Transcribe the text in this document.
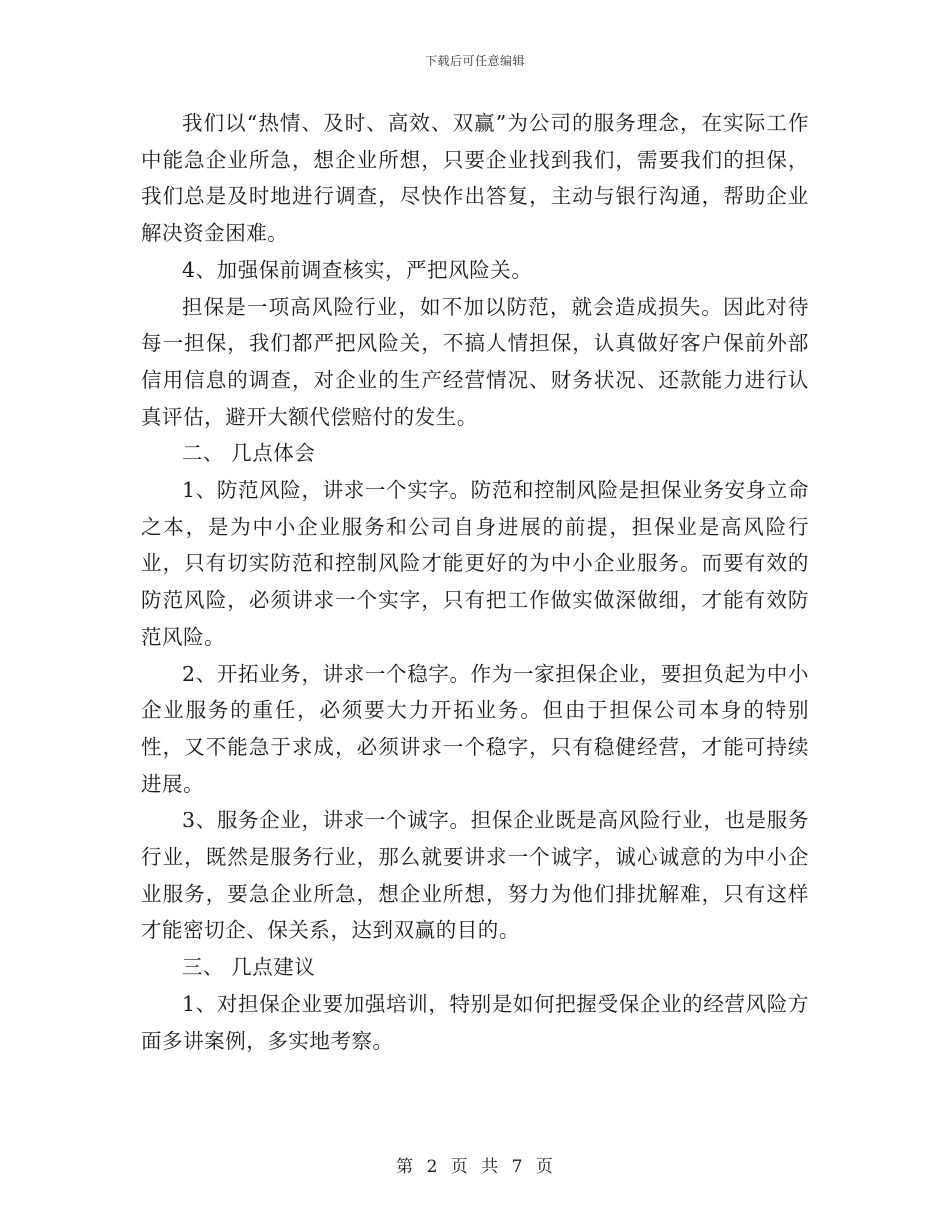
下载后可任意编辑

我们以“热情、及时、高效、双赢”为公司的服务理念，在实际工作中能急企业所急，想企业所想，只要企业找到我们，需要我们的担保，我们总是及时地进行调查，尽快作出答复，主动与银行沟通，帮助企业解决资金困难。

4、加强保前调查核实，严把风险关。

担保是一项高风险行业，如不加以防范，就会造成损失。因此对待每一担保，我们都严把风险关，不搞人情担保，认真做好客户保前外部信用信息的调查，对企业的生产经营情况、财务状况、还款能力进行认真评估，避开大额代偿赔付的发生。

二、 几点体会

1、防范风险，讲求一个实字。防范和控制风险是担保业务安身立命之本，是为中小企业服务和公司自身进展的前提，担保业是高风险行业，只有切实防范和控制风险才能更好的为中小企业服务。而要有效的防范风险，必须讲求一个实字，只有把工作做实做深做细，才能有效防范风险。

2、开拓业务，讲求一个稳字。作为一家担保企业，要担负起为中小企业服务的重任，必须要大力开拓业务。但由于担保公司本身的特别性，又不能急于求成，必须讲求一个稳字，只有稳健经营，才能可持续进展。

3、服务企业，讲求一个诚字。担保企业既是高风险行业，也是服务行业，既然是服务行业，那么就要讲求一个诚字，诚心诚意的为中小企业服务，要急企业所急，想企业所想，努力为他们排扰解难，只有这样才能密切企、保关系，达到双赢的目的。

三、 几点建议

1、对担保企业要加强培训，特别是如何把握受保企业的经营风险方面多讲案例，多实地考察。

第 2 页 共 7 页
